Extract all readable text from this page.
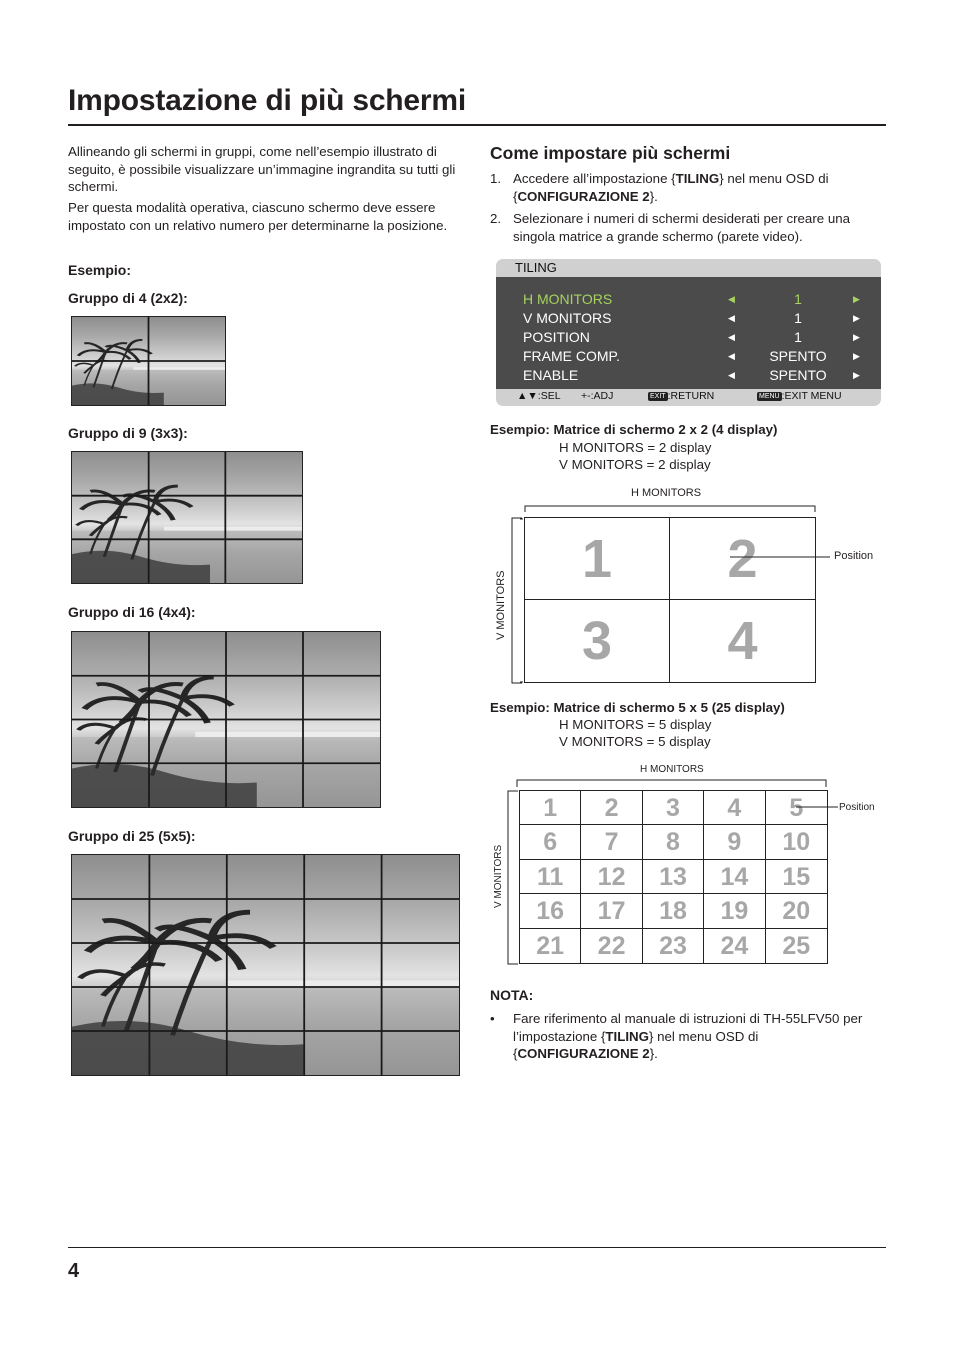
Impostazione di più schermi

Allineando gli schermi in gruppi, come nell’esempio illustrato di seguito, è possibile visualizzare un’immagine ingrandita su tutti gli schermi.

Per questa modalità operativa, ciascuno schermo deve essere impostato con un relativo numero per determinarne la posizione.

Esempio:
Gruppo di 4 (2x2):
Gruppo di 9 (3x3):
Gruppo di 16 (4x4):
Gruppo di 25 (5x5):
Come impostare più schermi
1. Accedere all’impostazione {TILING} nel menu OSD di {CONFIGURAZIONE 2}.
2. Selezionare i numeri di schermi desiderati per creare una singola matrice a grande schermo (parete video).
TILING
H MONITORS	◀	1	▶
V MONITORS	◀	1	▶
POSITION	◀	1	▶
FRAME COMP.	◀ SPENTO	▶
ENABLE	◀ SPENTO	▶
▲▼:SEL +-:ADJ	EXIT :RETURN	MENU :EXIT MENU
Esempio: Matrice di schermo 2 x 2 (4 display)
H MONITORS = 2 display
V MONITORS = 2 display
H MONITORS
V MONITORS
1	2
3	4
Position
Esempio: Matrice di schermo 5 x 5 (25 display)
H MONITORS = 5 display
V MONITORS = 5 display
H MONITORS
V MONITORS
1	2	3	4	5
6	7	8	9	10
11	12	13	14	15
16	17	18	19	20
21	22	23	24	25
Position
NOTA:
• Fare riferimento al manuale di istruzioni di TH-55LFV50 per l’impostazione {TILING} nel menu OSD di {CONFIGURAZIONE 2}.
4
